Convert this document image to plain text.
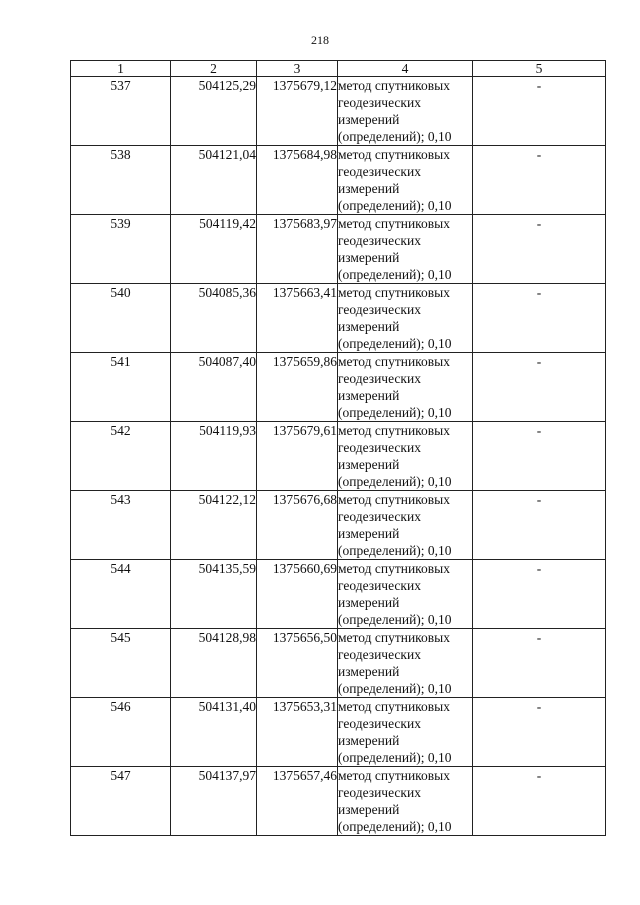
218
1	2	3	4	5
537	504125,29	1375679,12	метод спутниковых
геодезических
измерений
(определений); 0,10	-
538	504121,04	1375684,98	метод спутниковых
геодезических
измерений
(определений); 0,10	-
539	504119,42	1375683,97	метод спутниковых
геодезических
измерений
(определений); 0,10	-
540	504085,36	1375663,41	метод спутниковых
геодезических
измерений
(определений); 0,10	-
541	504087,40	1375659,86	метод спутниковых
геодезических
измерений
(определений); 0,10	-
542	504119,93	1375679,61	метод спутниковых
геодезических
измерений
(определений); 0,10	-
543	504122,12	1375676,68	метод спутниковых
геодезических
измерений
(определений); 0,10	-
544	504135,59	1375660,69	метод спутниковых
геодезических
измерений
(определений); 0,10	-
545	504128,98	1375656,50	метод спутниковых
геодезических
измерений
(определений); 0,10	-
546	504131,40	1375653,31	метод спутниковых
геодезических
измерений
(определений); 0,10	-
547	504137,97	1375657,46	метод спутниковых
геодезических
измерений
(определений); 0,10	-
